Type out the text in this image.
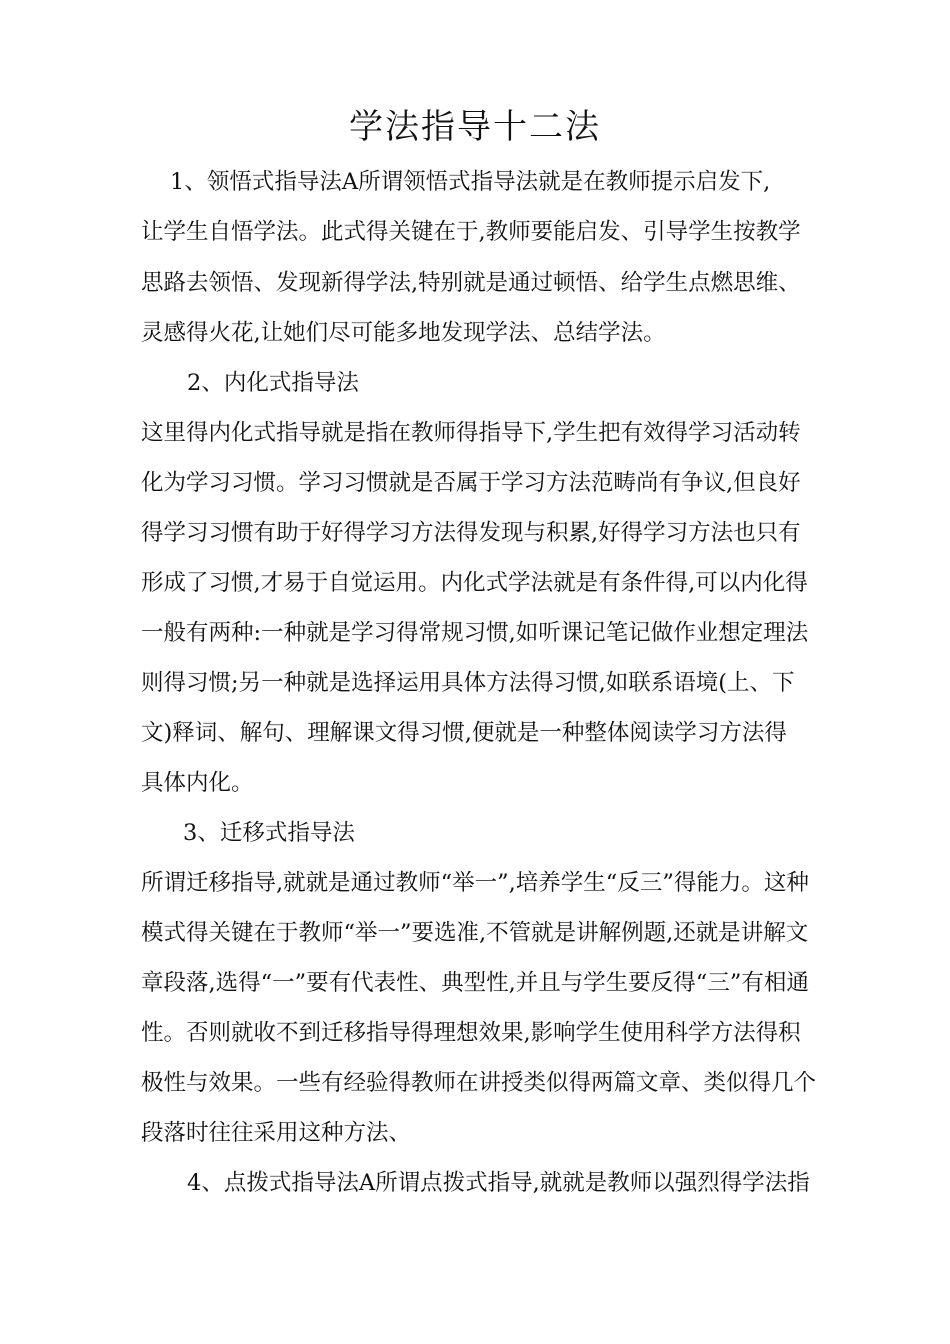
学法指导十二法

1、领悟式指导法A所谓领悟式指导法就是在教师提示启发下,

让学生自悟学法。此式得关键在于,教师要能启发、引导学生按教学

思路去领悟、发现新得学法,特别就是通过顿悟、给学生点燃思维、

灵感得火花,让她们尽可能多地发现学法、总结学法。

2、内化式指导法

这里得内化式指导就是指在教师得指导下,学生把有效得学习活动转

化为学习习惯。学习习惯就是否属于学习方法范畴尚有争议,但良好

得学习习惯有助于好得学习方法得发现与积累,好得学习方法也只有

形成了习惯,才易于自觉运用。内化式学法就是有条件得,可以内化得

一般有两种:一种就是学习得常规习惯,如听课记笔记做作业想定理法

则得习惯;另一种就是选择运用具体方法得习惯,如联系语境(上、下

文)释词、解句、理解课文得习惯,便就是一种整体阅读学习方法得

具体内化。

3、迁移式指导法

所谓迁移指导,就就是通过教师“举一”,培养学生“反三”得能力。这种

模式得关键在于教师“举一”要选准,不管就是讲解例题,还就是讲解文

章段落,选得“一”要有代表性、典型性,并且与学生要反得“三”有相通

性。否则就收不到迁移指导得理想效果,影响学生使用科学方法得积

极性与效果。一些有经验得教师在讲授类似得两篇文章、类似得几个

段落时往往采用这种方法、

4、点拨式指导法A所谓点拨式指导,就就是教师以强烈得学法指
